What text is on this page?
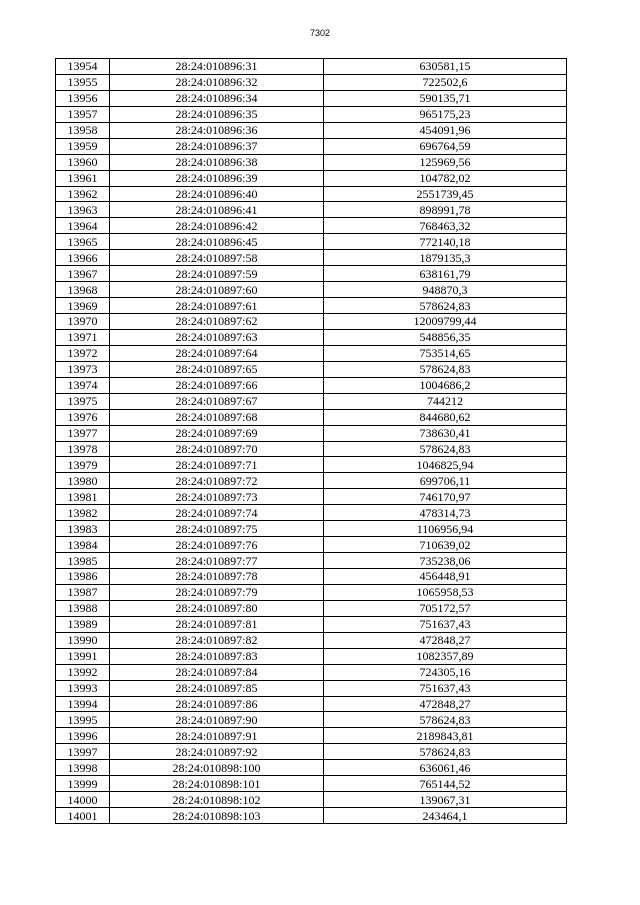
7302
13954	28:24:010896:31	630581,15
13955	28:24:010896:32	722502,6
13956	28:24:010896:34	590135,71
13957	28:24:010896:35	965175,23
13958	28:24:010896:36	454091,96
13959	28:24:010896:37	696764,59
13960	28:24:010896:38	125969,56
13961	28:24:010896:39	104782,02
13962	28:24:010896:40	2551739,45
13963	28:24:010896:41	898991,78
13964	28:24:010896:42	768463,32
13965	28:24:010896:45	772140,18
13966	28:24:010897:58	1879135,3
13967	28:24:010897:59	638161,79
13968	28:24:010897:60	948870,3
13969	28:24:010897:61	578624,83
13970	28:24:010897:62	12009799,44
13971	28:24:010897:63	548856,35
13972	28:24:010897:64	753514,65
13973	28:24:010897:65	578624,83
13974	28:24:010897:66	1004686,2
13975	28:24:010897:67	744212
13976	28:24:010897:68	844680,62
13977	28:24:010897:69	738630,41
13978	28:24:010897:70	578624,83
13979	28:24:010897:71	1046825,94
13980	28:24:010897:72	699706,11
13981	28:24:010897:73	746170,97
13982	28:24:010897:74	478314,73
13983	28:24:010897:75	1106956,94
13984	28:24:010897:76	710639,02
13985	28:24:010897:77	735238,06
13986	28:24:010897:78	456448,91
13987	28:24:010897:79	1065958,53
13988	28:24:010897:80	705172,57
13989	28:24:010897:81	751637,43
13990	28:24:010897:82	472848,27
13991	28:24:010897:83	1082357,89
13992	28:24:010897:84	724305,16
13993	28:24:010897:85	751637,43
13994	28:24:010897:86	472848,27
13995	28:24:010897:90	578624,83
13996	28:24:010897:91	2189843,81
13997	28:24:010897:92	578624,83
13998	28:24:010898:100	636061,46
13999	28:24:010898:101	765144,52
14000	28:24:010898:102	139067,31
14001	28:24:010898:103	243464,1
